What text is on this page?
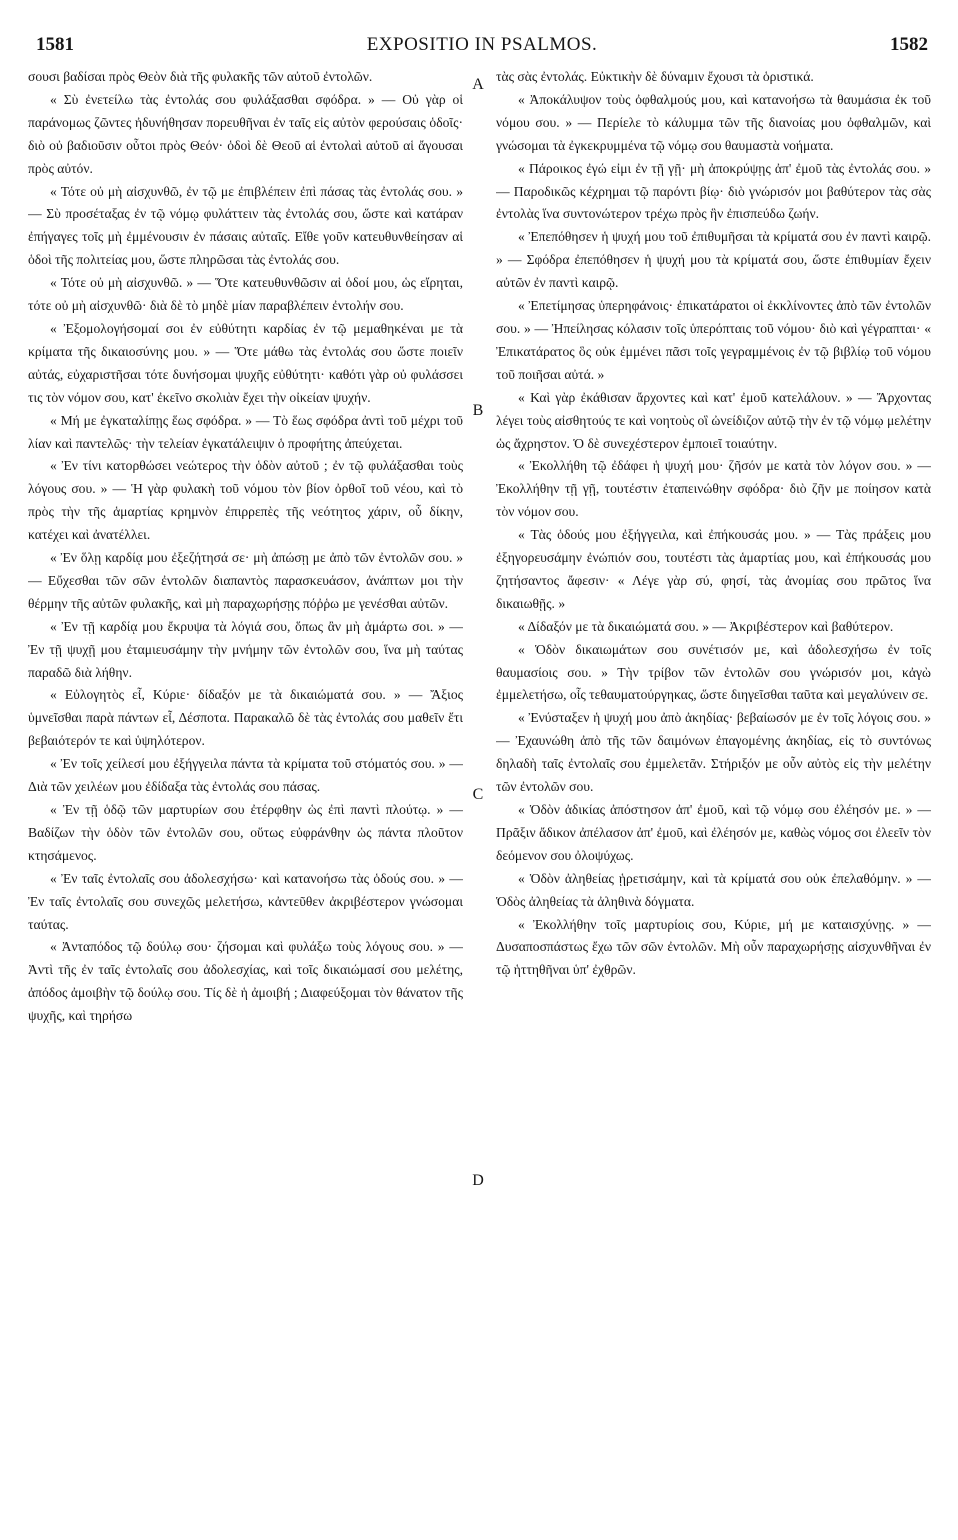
1581	EXPOSITIO IN PSALMOS.	1582

σουσι βαδίσαι πρὸς Θεὸν διὰ τῆς φυλακῆς τῶν αὐτοῦ ἐντολῶν.

« Σὺ ἐνετείλω τὰς ἐντολάς σου φυλάξασθαι σφόδρα. » — Οὐ γὰρ οἱ παράνομως ζῶντες ἠδυνήθησαν πορευθῆναι ἐν ταῖς εἰς αὐτὸν φερούσαις ὁδοῖς· διὸ οὐ βαδιοῦσιν οὗτοι πρὸς Θεόν· ὁδοὶ δὲ Θεοῦ αἱ ἐντολαὶ αὐτοῦ αἱ ἄγουσαι πρὸς αὐτόν.

« Τότε οὐ μὴ αἰσχυνθῶ, ἐν τῷ με ἐπιβλέπειν ἐπὶ πάσας τὰς ἐντολάς σου. » — Σὺ προσέταξας ἐν τῷ νόμῳ φυλάττειν τὰς ἐντολάς σου, ὥστε καὶ κατάραν ἐπήγαγες τοῖς μὴ ἐμμένουσιν ἐν πάσαις αὐταῖς. Εἴθε γοῦν κατευθυνθείησαν αἱ ὁδοὶ τῆς πολιτείας μου, ὥστε πληρῶσαι τὰς ἐντολάς σου.

« Τότε οὐ μὴ αἰσχυνθῶ. » — Ὅτε κατευθυνθῶσιν αἱ ὁδοί μου, ὡς εἴρηται, τότε οὐ μὴ αἰσχυνθῶ· διὰ δὲ τὸ μηδὲ μίαν παραβλέπειν ἐντολήν σου.

« Ἐξομολογήσομαί σοι ἐν εὐθύτητι καρδίας ἐν τῷ μεμαθηκέναι με τὰ κρίματα τῆς δικαιοσύνης μου. » — Ὅτε μάθω τὰς ἐντολάς σου ὥστε ποιεῖν αὐτάς, εὐχαριστῆσαι τότε δυνήσομαι ψυχῆς εὐθύτητι· καθότι γὰρ οὐ φυλάσσει τις τὸν νόμον σου, κατ' ἐκεῖνο σκολιὰν ἔχει τὴν οἰκείαν ψυχήν.

« Μή με ἐγκαταλίπῃς ἕως σφόδρα. » — Τὸ ἕως σφόδρα ἀντὶ τοῦ μέχρι τοῦ λίαν καὶ παντελῶς· τὴν τελείαν ἐγκατάλειψιν ὁ προφήτης ἀπεύχεται.

« Ἐν τίνι κατορθώσει νεώτερος τὴν ὁδὸν αὐτοῦ ; ἐν τῷ φυλάξασθαι τοὺς λόγους σου. » — Ἡ γὰρ φυλακὴ τοῦ νόμου τὸν βίον ὀρθοῖ τοῦ νέου, καὶ τὸ πρὸς τὴν τῆς ἁμαρτίας κρημνὸν ἐπιρρεπὲς τῆς νεότητος χάριν, οὗ δίκην, κατέχει καὶ ἀνατέλλει.

« Ἐν ὅλῃ καρδίᾳ μου ἐξεζήτησά σε· μὴ ἀπώσῃ με ἀπὸ τῶν ἐντολῶν σου. » — Εὔχεσθαι τῶν σῶν ἐντολῶν διαπαντὸς παρασκευάσον, ἀνάπτων μοι τὴν θέρμην τῆς αὐτῶν φυλακῆς, καὶ μὴ παραχωρήσῃς πόῤῥω με γενέσθαι αὐτῶν.

« Ἐν τῇ καρδίᾳ μου ἔκρυψα τὰ λόγιά σου, ὅπως ἂν μὴ ἁμάρτω σοι. » — Ἐν τῇ ψυχῇ μου ἐταμιευσάμην τὴν μνήμην τῶν ἐντολῶν σου, ἵνα μὴ ταύτας παραδῶ διὰ λήθην.

« Εὐλογητὸς εἶ, Κύριε· δίδαξόν με τὰ δικαιώματά σου. » — Ἄξιος ὑμνεῖσθαι παρὰ πάντων εἶ, Δέσποτα. Παρακαλῶ δὲ τὰς ἐντολάς σου μαθεῖν ἔτι βεβαιότερόν τε καὶ ὑψηλότερον.

« Ἐν τοῖς χείλεσί μου ἐξήγγειλα πάντα τὰ κρίματα τοῦ στόματός σου. » — Διὰ τῶν χειλέων μου ἐδίδαξα τὰς ἐντολάς σου πάσας.

« Ἐν τῇ ὁδῷ τῶν μαρτυρίων σου ἐτέρφθην ὡς ἐπὶ παντὶ πλούτῳ. » — Βαδίζων τὴν ὁδὸν τῶν ἐντολῶν σου, οὕτως εὐφράνθην ὡς πάντα πλοῦτον κτησάμενος.

« Ἐν ταῖς ἐντολαῖς σου ἀδολεσχήσω· καὶ κατανοήσω τὰς ὁδούς σου. » — Ἐν ταῖς ἐντολαῖς σου συνεχῶς μελετήσω, κἀντεῦθεν ἀκριβέστερον γνώσομαι ταύτας.

« Ἀνταπόδος τῷ δούλῳ σου· ζήσομαι καὶ φυλάξω τοὺς λόγους σου. » — Ἀντὶ τῆς ἐν ταῖς ἐντολαῖς σου ἀδολεσχίας, καὶ τοῖς δικαιώμασί σου μελέτης, ἀπόδος ἀμοιβὴν τῷ δούλῳ σου. Τίς δὲ ἡ ἀμοιβή ; Διαφεύξομαι τὸν θάνατον τῆς ψυχῆς, καὶ τηρήσω

τὰς σὰς ἐντολάς. Εὐκτικὴν δὲ δύναμιν ἔχουσι τὰ ὁριστικά.

« Ἀποκάλυψον τοὺς ὀφθαλμούς μου, καὶ κατανοήσω τὰ θαυμάσια ἐκ τοῦ νόμου σου. » — Περίελε τὸ κάλυμμα τῶν τῆς διανοίας μου ὀφθαλμῶν, καὶ γνώσομαι τὰ ἐγκεκρυμμένα τῷ νόμῳ σου θαυμαστὰ νοήματα.

« Πάροικος ἐγώ εἰμι ἐν τῇ γῇ· μὴ ἀποκρύψῃς ἀπ' ἐμοῦ τὰς ἐντολάς σου. » — Παροδικῶς κέχρημαι τῷ παρόντι βίῳ· διὸ γνώρισόν μοι βαθύτερον τὰς σὰς ἐντολὰς ἵνα συντονώτερον τρέχω πρὸς ἣν ἐπισπεύδω ζωήν.

« Ἐπεπόθησεν ἡ ψυχή μου τοῦ ἐπιθυμῆσαι τὰ κρίματά σου ἐν παντὶ καιρῷ. » — Σφόδρα ἐπεπόθησεν ἡ ψυχή μου τὰ κρίματά σου, ὥστε ἐπιθυμίαν ἔχειν αὐτῶν ἐν παντὶ καιρῷ.

« Ἐπετίμησας ὑπερηφάνοις· ἐπικατάρατοι οἱ ἐκκλίνοντες ἀπὸ τῶν ἐντολῶν σου. » — Ἠπείλησας κόλασιν τοῖς ὑπερόπταις τοῦ νόμου· διὸ καὶ γέγραπται· « Ἐπικατάρατος ὃς οὐκ ἐμμένει πᾶσι τοῖς γεγραμμένοις ἐν τῷ βιβλίῳ τοῦ νόμου τοῦ ποιῆσαι αὐτά. »

« Καὶ γὰρ ἐκάθισαν ἄρχοντες καὶ κατ' ἐμοῦ κατελάλουν. » — Ἄρχοντας λέγει τοὺς αἰσθητούς τε καὶ νοητοὺς οἳ ὠνείδιζον αὐτῷ τὴν ἐν τῷ νόμῳ μελέτην ὡς ἄχρηστον. Ὁ δὲ συνεχέστερον ἐμποιεῖ τοιαύτην.

« Ἐκολλήθη τῷ ἐδάφει ἡ ψυχή μου· ζῆσόν με κατὰ τὸν λόγον σου. » — Ἐκολλήθην τῇ γῇ, τουτέστιν ἐταπεινώθην σφόδρα· διὸ ζῆν με ποίησον κατὰ τὸν νόμον σου.

« Τὰς ὁδούς μου ἐξήγγειλα, καὶ ἐπήκουσάς μου. » — Τὰς πράξεις μου ἐξηγορευσάμην ἐνώπιόν σου, τουτέστι τὰς ἁμαρτίας μου, καὶ ἐπήκουσάς μου ζητήσαντος ἄφεσιν· « Λέγε γὰρ σύ, φησί, τὰς ἀνομίας σου πρῶτος ἵνα δικαιωθῇς. »

« Δίδαξόν με τὰ δικαιώματά σου. » — Ἀκριβέστερον καὶ βαθύτερον.

« Ὁδὸν δικαιωμάτων σου συνέτισόν με, καὶ ἀδολεσχήσω ἐν τοῖς θαυμασίοις σου. » Τὴν τρίβον τῶν ἐντολῶν σου γνώρισόν μοι, κἀγὼ ἐμμελετήσω, οἷς τεθαυματούργηκας, ὥστε διηγεῖσθαι ταῦτα καὶ μεγαλύνειν σε.

« Ἐνύσταξεν ἡ ψυχή μου ἀπὸ ἀκηδίας· βεβαίωσόν με ἐν τοῖς λόγοις σου. » — Ἐχαυνώθη ἀπὸ τῆς τῶν δαιμόνων ἐπαγομένης ἀκηδίας, εἰς τὸ συντόνως δηλαδὴ ταῖς ἐντολαῖς σου ἐμμελετᾶν. Στήριξόν με οὖν αὐτὸς εἰς τὴν μελέτην τῶν ἐντολῶν σου.

« Ὁδὸν ἀδικίας ἀπόστησον ἀπ' ἐμοῦ, καὶ τῷ νόμῳ σου ἐλέησόν με. » — Πρᾶξιν ἄδικον ἀπέλασον ἀπ' ἐμοῦ, καὶ ἐλέησόν με, καθὼς νόμος σοι ἐλεεῖν τὸν δεόμενον σου ὀλοψύχως.

« Ὁδὸν ἀληθείας ᾑρετισάμην, καὶ τὰ κρίματά σου οὐκ ἐπελαθόμην. » — Ὁδὸς ἀληθείας τὰ ἀληθινὰ δόγματα.

« Ἐκολλήθην τοῖς μαρτυρίοις σου, Κύριε, μή με καταισχύνῃς. » — Δυσαποσπάστως ἔχω τῶν σῶν ἐντολῶν. Μὴ οὖν παραχωρήσῃς αἰσχυνθῆναι ἐν τῷ ἡττηθῆναι ὑπ' ἐχθρῶν.

A
B
C
D
